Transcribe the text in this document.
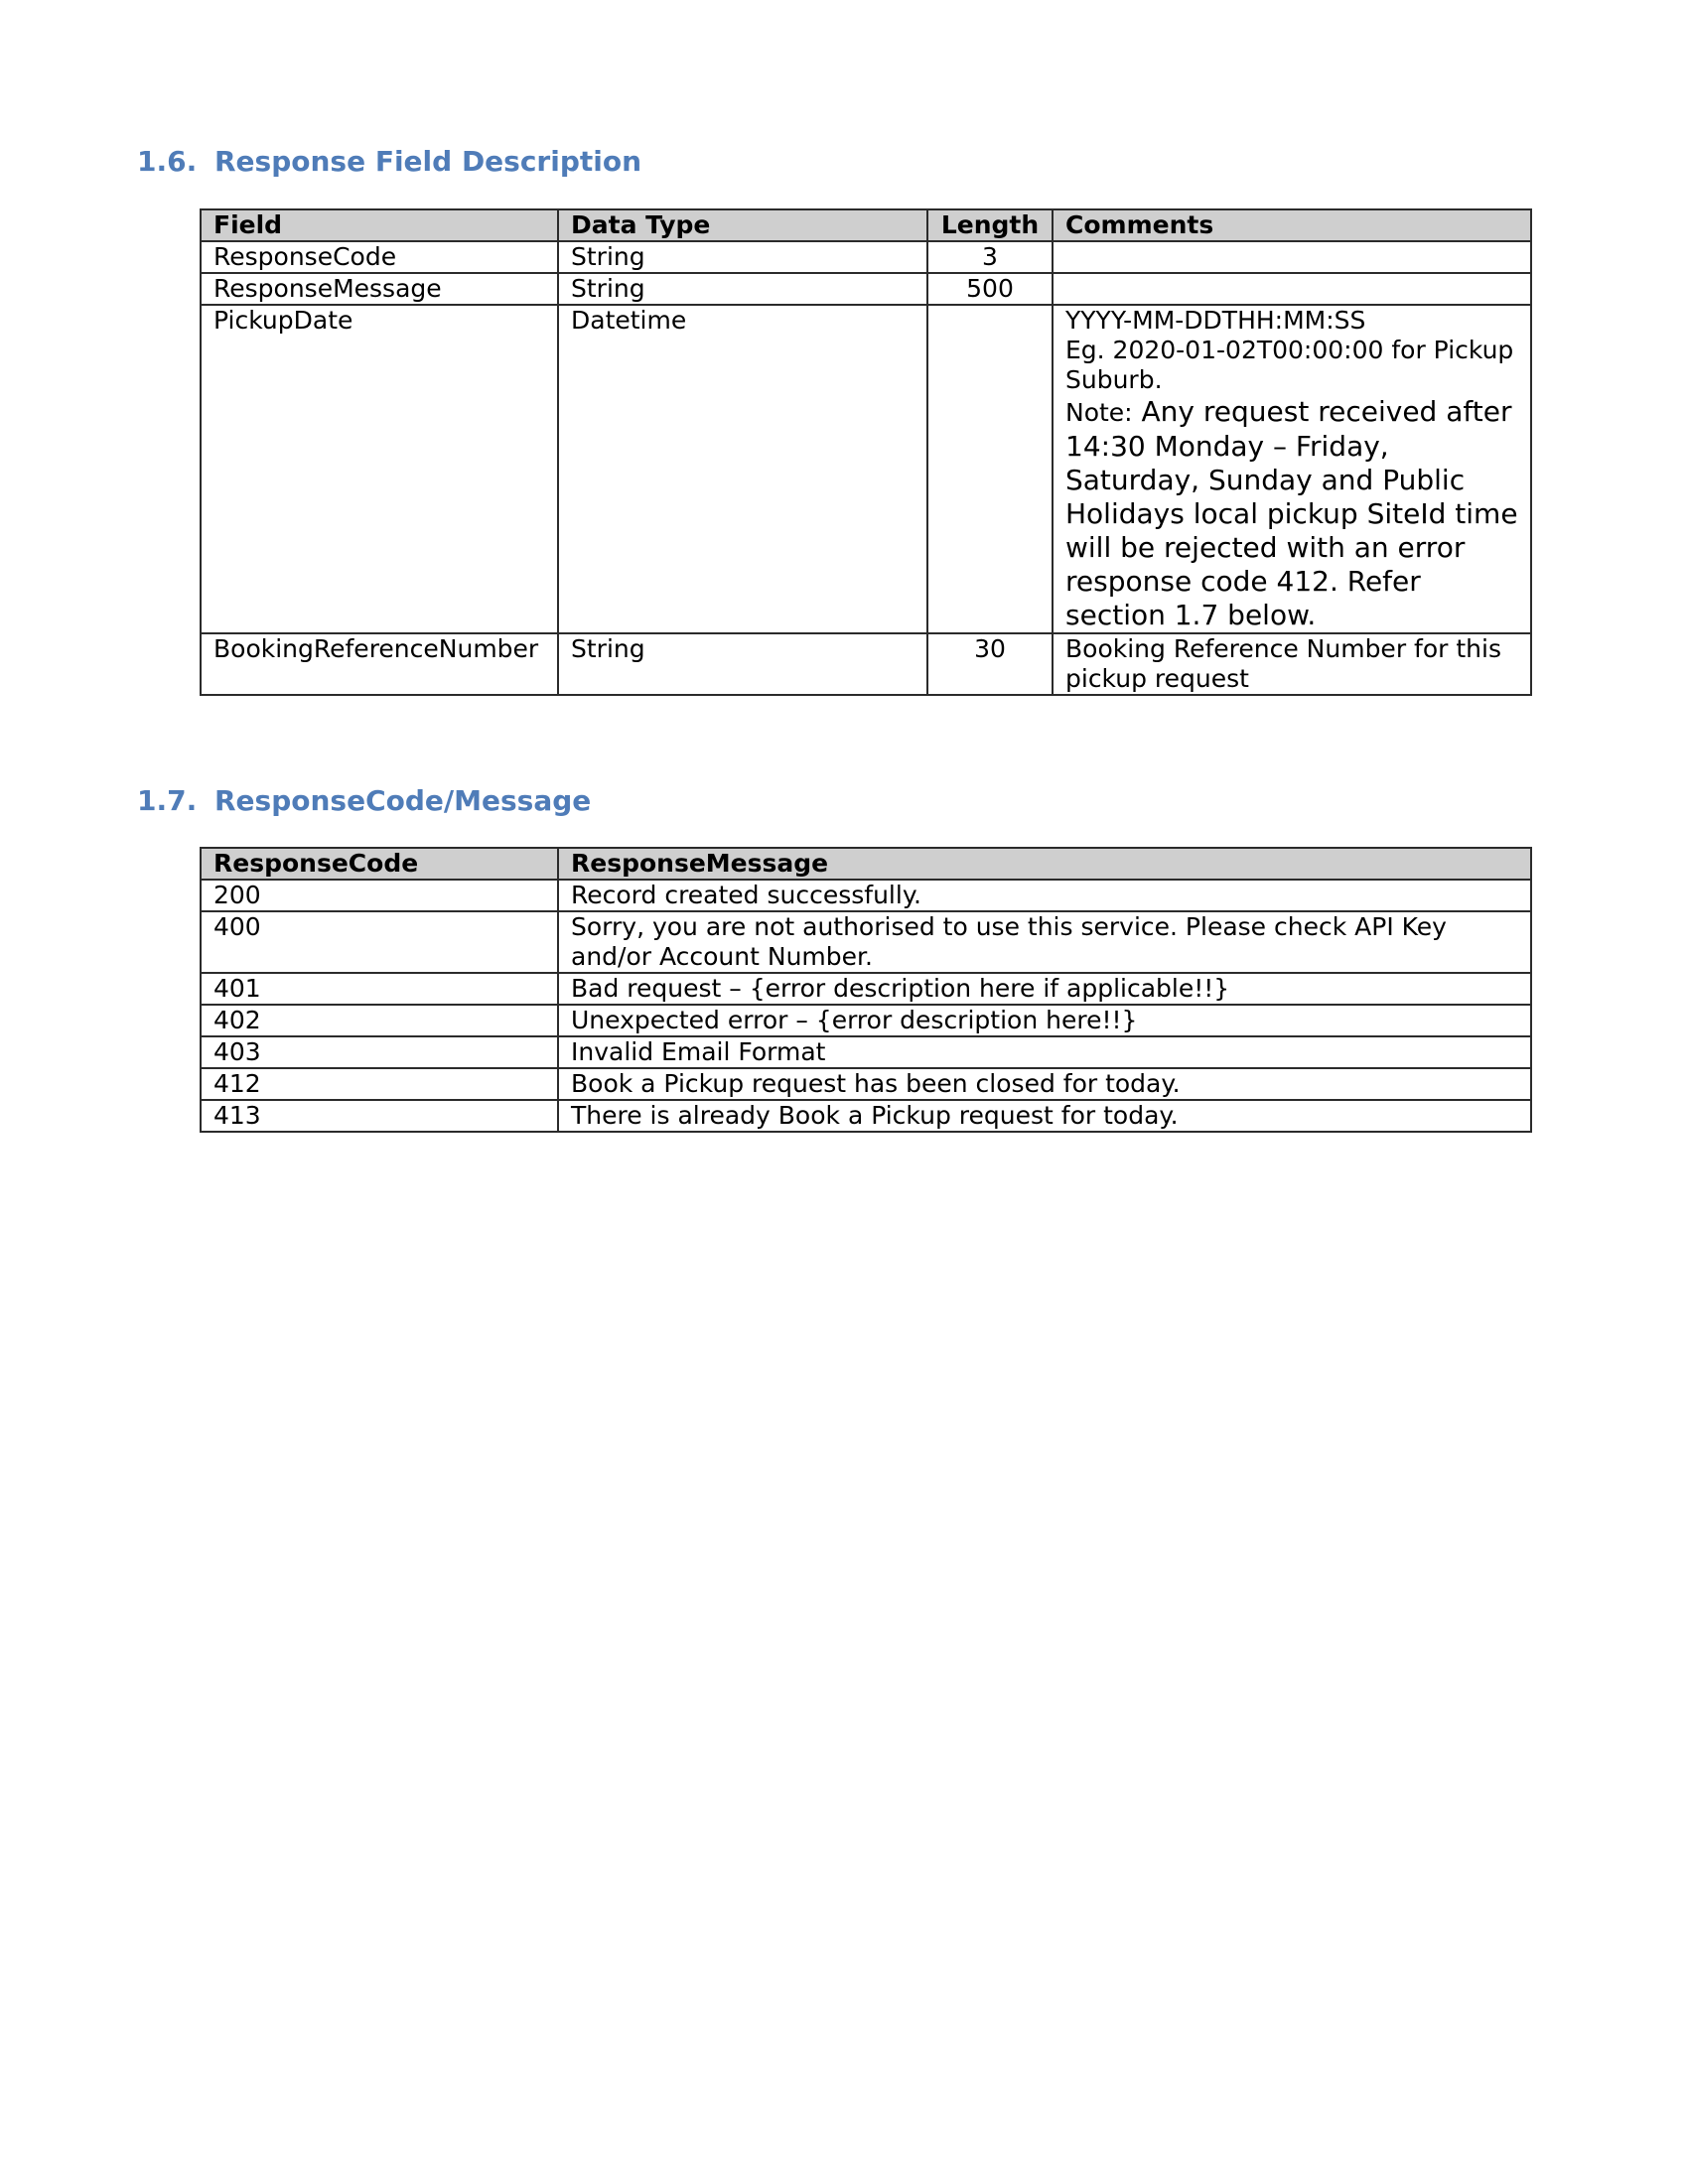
1.6. Response Field Description
Field	Data Type	Length	Comments
ResponseCode	String	3	
ResponseMessage	String	500	
PickupDate	Datetime		YYYY-MM-DDTHH:MM:SS
Eg. 2020-01-02T00:00:00 for Pickup Suburb.
Note: Any request received after 14:30 Monday – Friday, Saturday, Sunday and Public Holidays local pickup SiteId time will be rejected with an error response code 412. Refer section 1.7 below.

BookingReferenceNumber	String	30	Booking Reference Number for this pickup request
1.7. ResponseCode/Message
ResponseCode	ResponseMessage
200	Record created successfully.
400	Sorry, you are not authorised to use this service. Please check API Key and/or Account Number.
401	Bad request – {error description here if applicable!!}
402	Unexpected error – {error description here!!}
403	Invalid Email Format
412	Book a Pickup request has been closed for today.
413	There is already Book a Pickup request for today.
